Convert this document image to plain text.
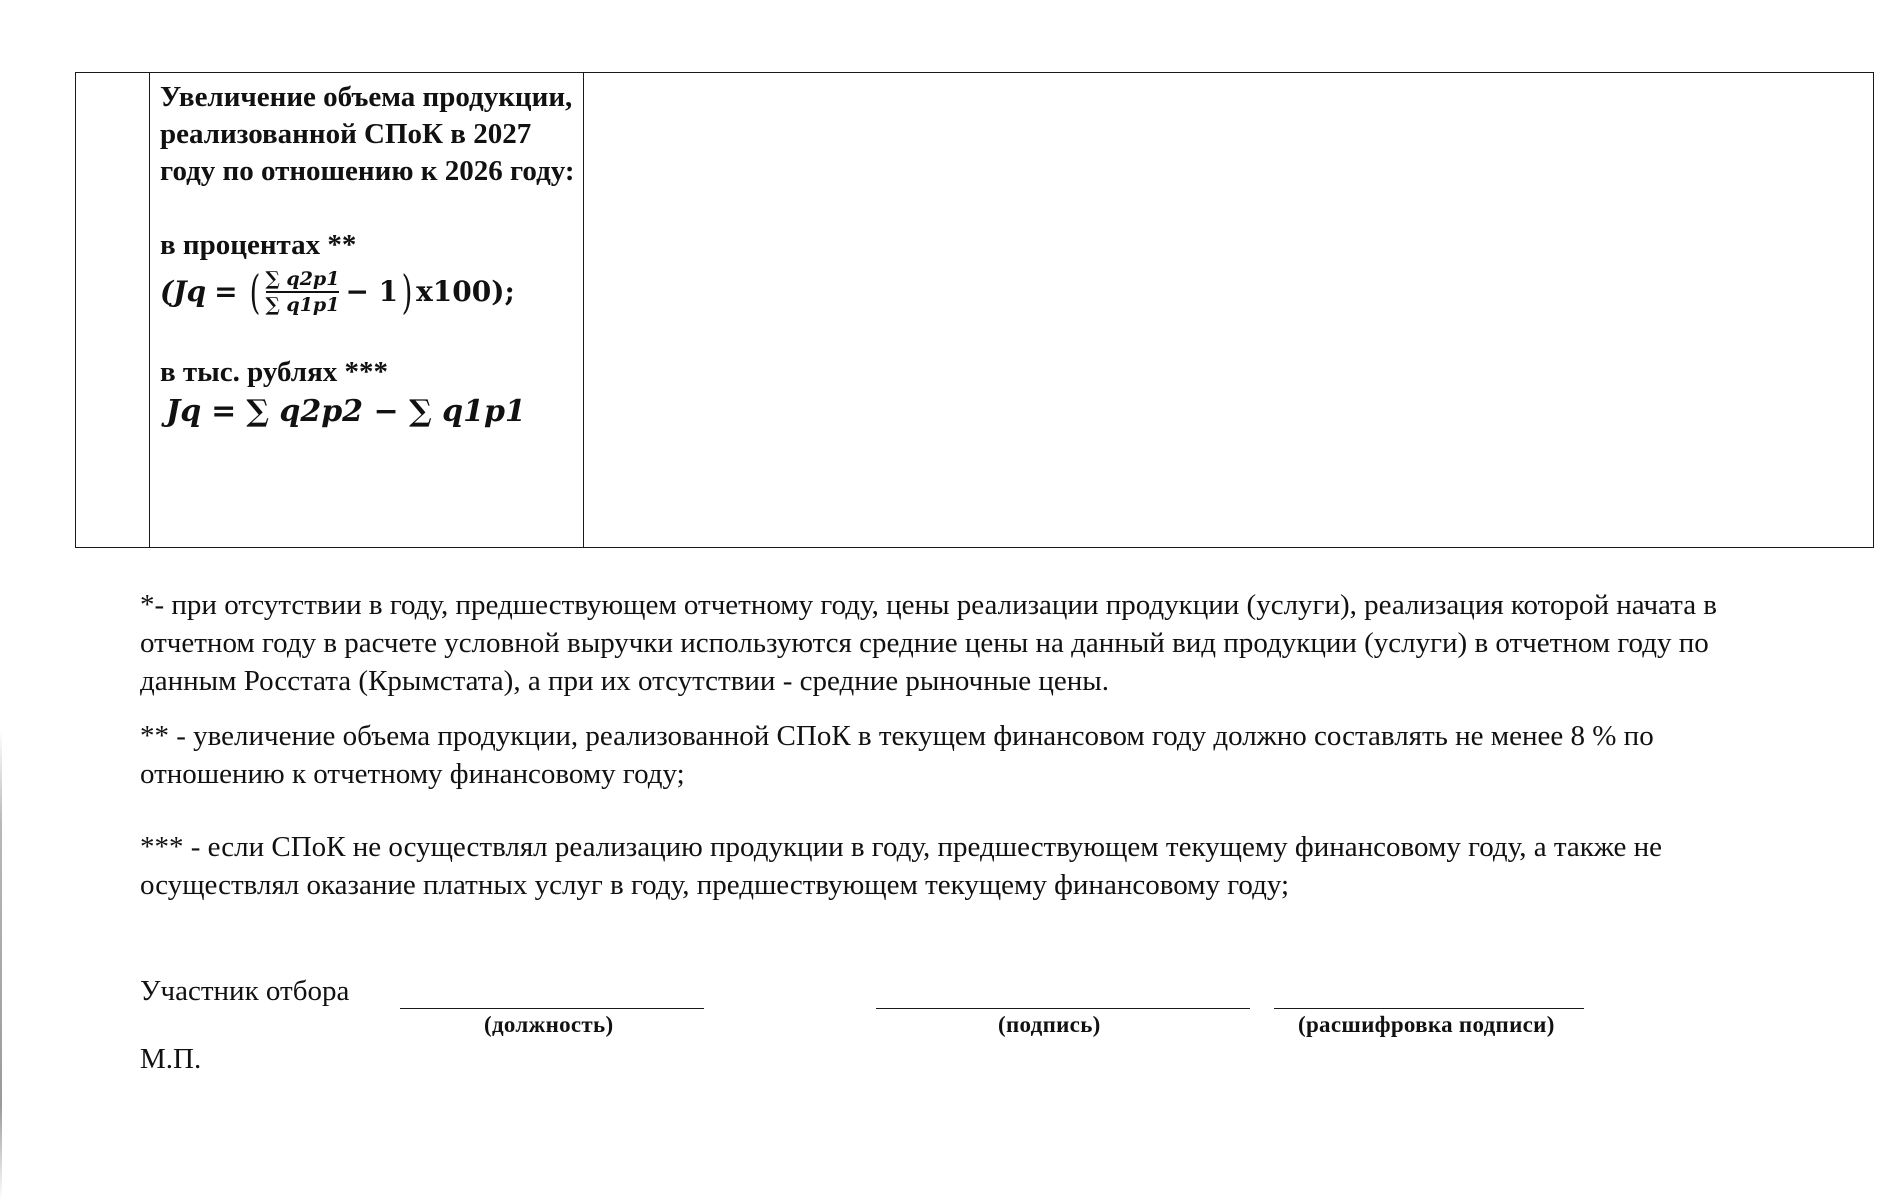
Увеличение объема продукции, реализованной СПоК в 2027 году по отношению к 2026 году:
в процентах **
(Jq = ( $\frac{\sum q2p1}{\sum q1p1} - 1$ ) х100);
в тыс. рублях ***
Jq = ∑ q2p2 − ∑ q1p1

*- при отсутствии в году, предшествующем отчетному году, цены реализации продукции (услуги), реализация которой начата в отчетном году в расчете условной выручки используются средние цены на данный вид продукции (услуги) в отчетном году по данным Росстата (Крымстата), а при их отсутствии - средние рыночные цены.
** - увеличение объема продукции, реализованной СПоК в текущем финансовом году должно составлять не менее 8 % по отношению к отчетному финансовому году;
*** - если СПоК не осуществлял реализацию продукции в году, предшествующем текущему финансовому году, а также не осуществлял оказание платных услуг в году, предшествующем текущему финансовому году;
Участник отбора
(должность)	(подпись)	(расшифровка подписи)
М.П.
